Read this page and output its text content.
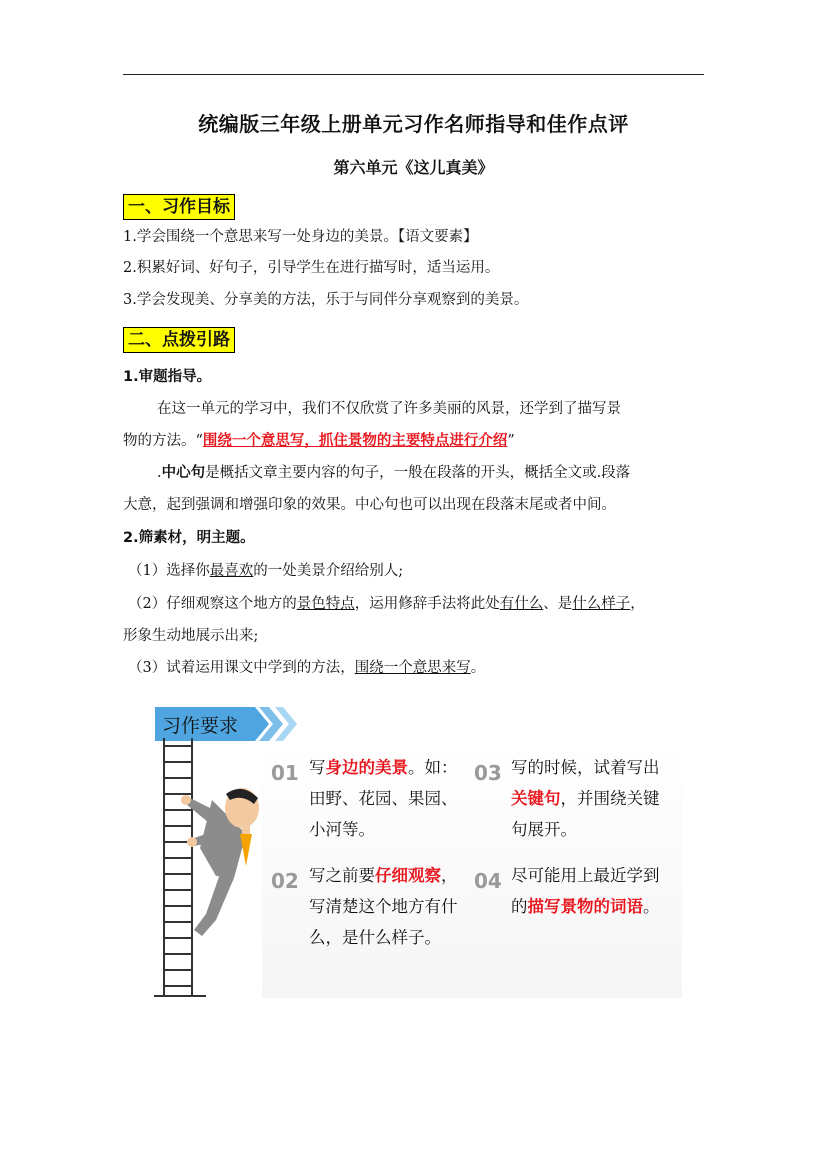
统编版三年级上册单元习作名师指导和佳作点评
第六单元《这儿真美》
一、习作目标
1.学会围绕一个意思来写一处身边的美景。【语文要素】
2.积累好词、好句子，引导学生在进行描写时，适当运用。
3.学会发现美、分享美的方法，乐于与同伴分享观察到的美景。
二、点拨引路
1.审题指导。
在这一单元的学习中，我们不仅欣赏了许多美丽的风景，还学到了描写景
物的方法。“围绕一个意思写，抓住景物的主要特点进行介绍”
.中心句是概括文章主要内容的句子，一般在段落的开头，概括全文或.段落
大意，起到强调和增强印象的效果。中心句也可以出现在段落末尾或者中间。
2.筛素材，明主题。
（1）选择你最喜欢的一处美景介绍给别人;
（2）仔细观察这个地方的景色特点，运用修辞手法将此处有什么、是什么样子，
形象生动地展示出来;
（3）试着运用课文中学到的方法，围绕一个意思来写。
习作要求
01 写身边的美景。如：田野、花园、果园、小河等。
03 写的时候，试着写出关键句，并围绕关键句展开。
02 写之前要仔细观察，写清楚这个地方有什么，是什么样子。
04 尽可能用上最近学到的描写景物的词语。
